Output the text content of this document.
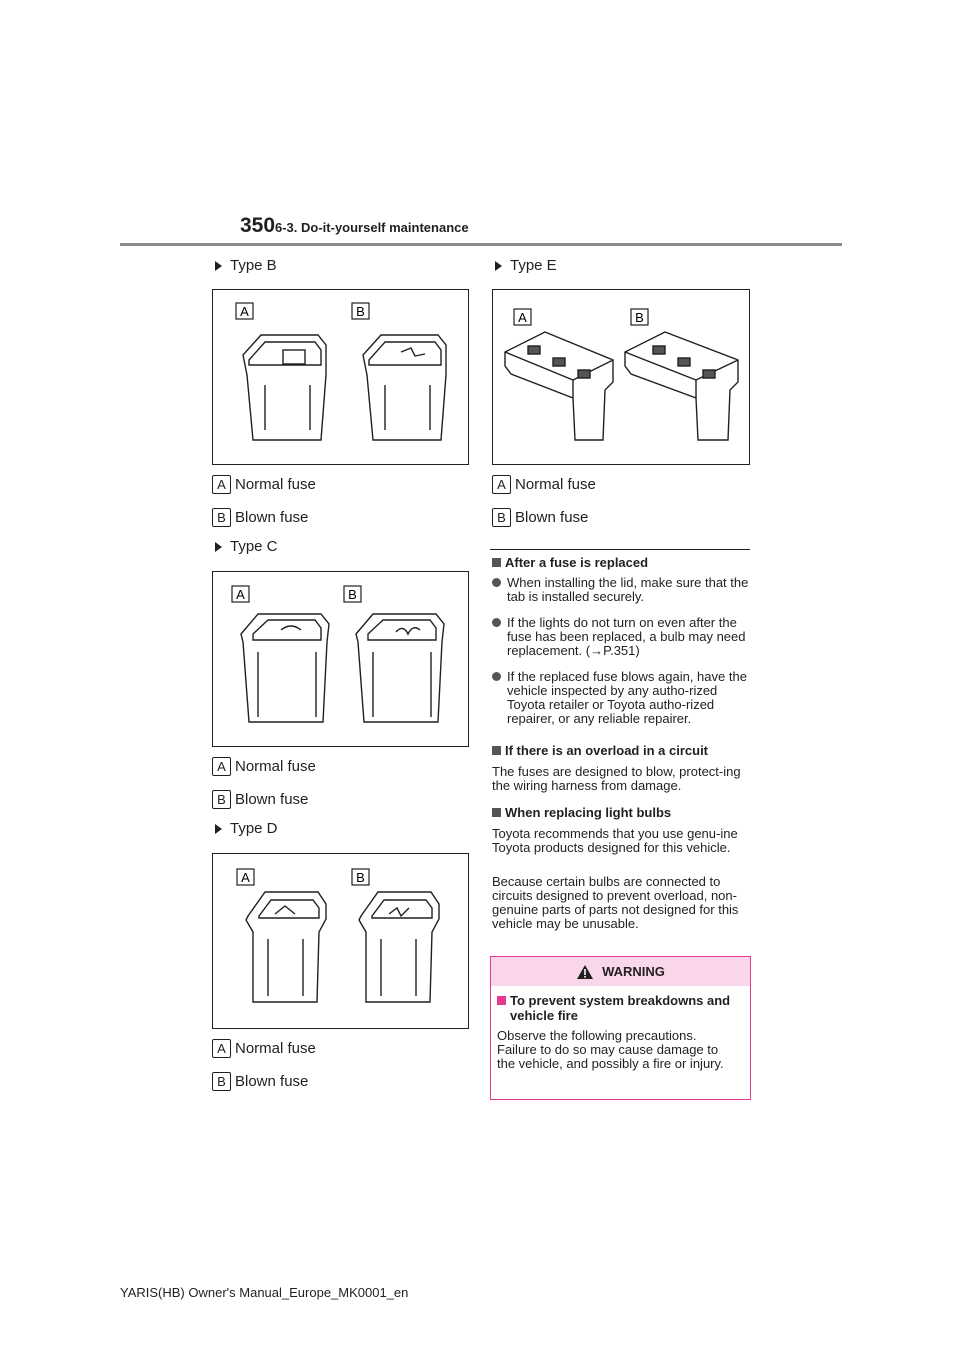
350 6-3. Do-it-yourself maintenance
Type B
A	B
A Normal fuse
B Blown fuse
Type C
A	B
A Normal fuse
B Blown fuse
Type D
A	B
A Normal fuse
B Blown fuse
Type E
A	B
A Normal fuse
B Blown fuse
After a fuse is replaced
When installing the lid, make sure that the tab is installed securely.
If the lights do not turn on even after the fuse has been replaced, a bulb may need replacement. (→P.351)
If the replaced fuse blows again, have the vehicle inspected by any autho-rized Toyota retailer or Toyota autho-rized repairer, or any reliable repairer.
If there is an overload in a circuit
The fuses are designed to blow, protect-ing the wiring harness from damage.
When replacing light bulbs
Toyota recommends that you use genu-ine Toyota products designed for this vehicle.
Because certain bulbs are connected to circuits designed to prevent overload, non-genuine parts of parts not designed for this vehicle may be unusable.
WARNING
To prevent system breakdowns and vehicle fire
Observe the following precautions. Failure to do so may cause damage to the vehicle, and possibly a fire or injury.
YARIS(HB) Owner's Manual_Europe_MK0001_en
